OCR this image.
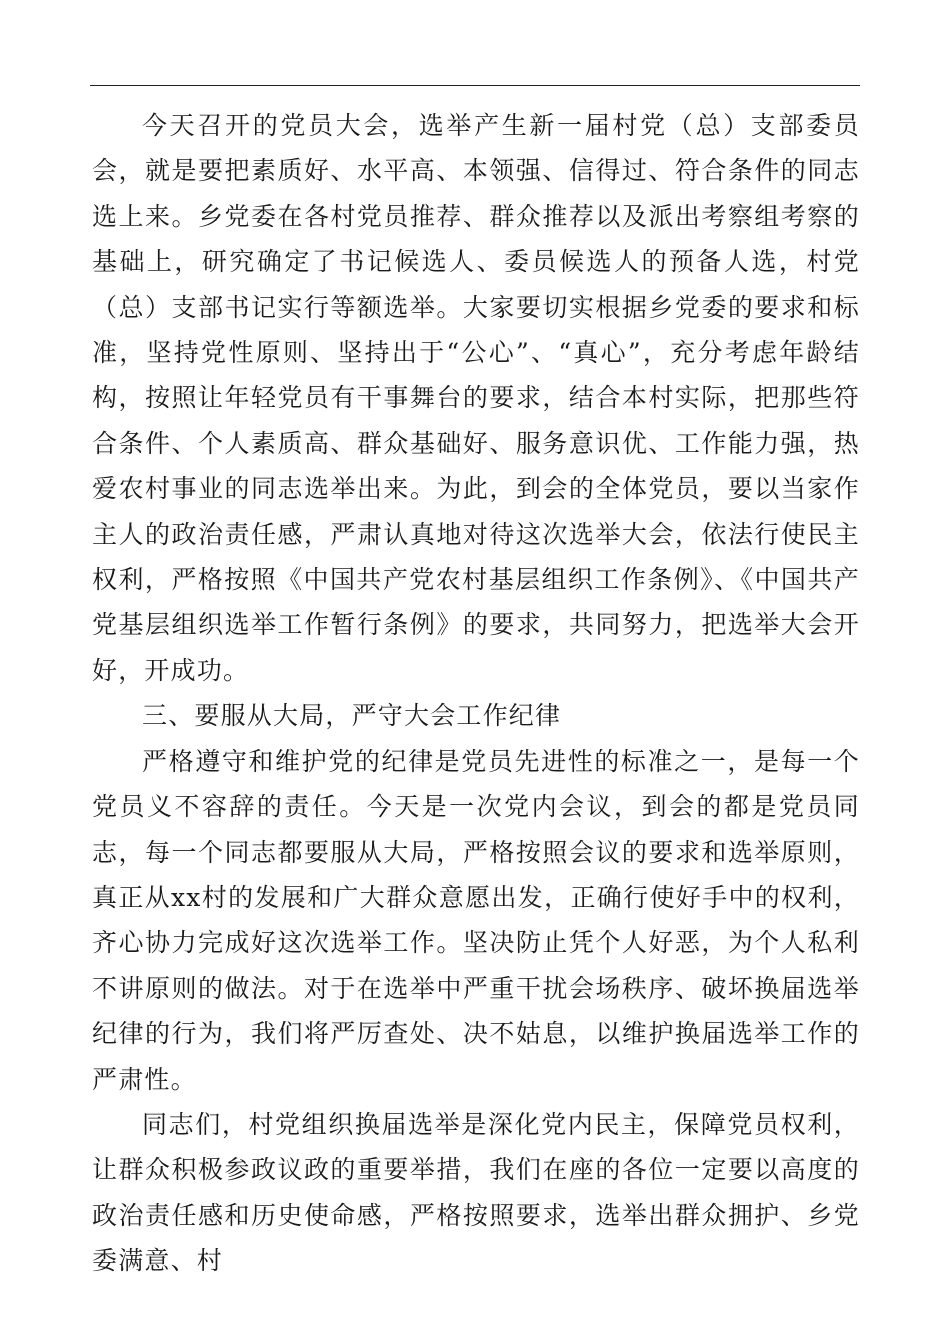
今天召开的党员大会，选举产生新一届村党（总）支部委员会，就是要把素质好、水平高、本领强、信得过、符合条件的同志选上来。乡党委在各村党员推荐、群众推荐以及派出考察组考察的基础上，研究确定了书记候选人、委员候选人的预备人选，村党（总）支部书记实行等额选举。大家要切实根据乡党委的要求和标准，坚持党性原则、坚持出于“公心”、“真心”，充分考虑年龄结构，按照让年轻党员有干事舞台的要求，结合本村实际，把那些符合条件、个人素质高、群众基础好、服务意识优、工作能力强，热爱农村事业的同志选举出来。为此，到会的全体党员，要以当家作主人的政治责任感，严肃认真地对待这次选举大会，依法行使民主权利，严格按照《中国共产党农村基层组织工作条例》、《中国共产党基层组织选举工作暂行条例》的要求，共同努力，把选举大会开好，开成功。

三、要服从大局，严守大会工作纪律

严格遵守和维护党的纪律是党员先进性的标准之一，是每一个党员义不容辞的责任。今天是一次党内会议，到会的都是党员同志，每一个同志都要服从大局，严格按照会议的要求和选举原则，真正从xx村的发展和广大群众意愿出发，正确行使好手中的权利，齐心协力完成好这次选举工作。坚决防止凭个人好恶，为个人私利不讲原则的做法。对于在选举中严重干扰会场秩序、破坏换届选举纪律的行为，我们将严厉查处、决不姑息，以维护换届选举工作的严肃性。

同志们，村党组织换届选举是深化党内民主，保障党员权利，让群众积极参政议政的重要举措，我们在座的各位一定要以高度的政治责任感和历史使命感，严格按照要求，选举出群众拥护、乡党委满意、村
